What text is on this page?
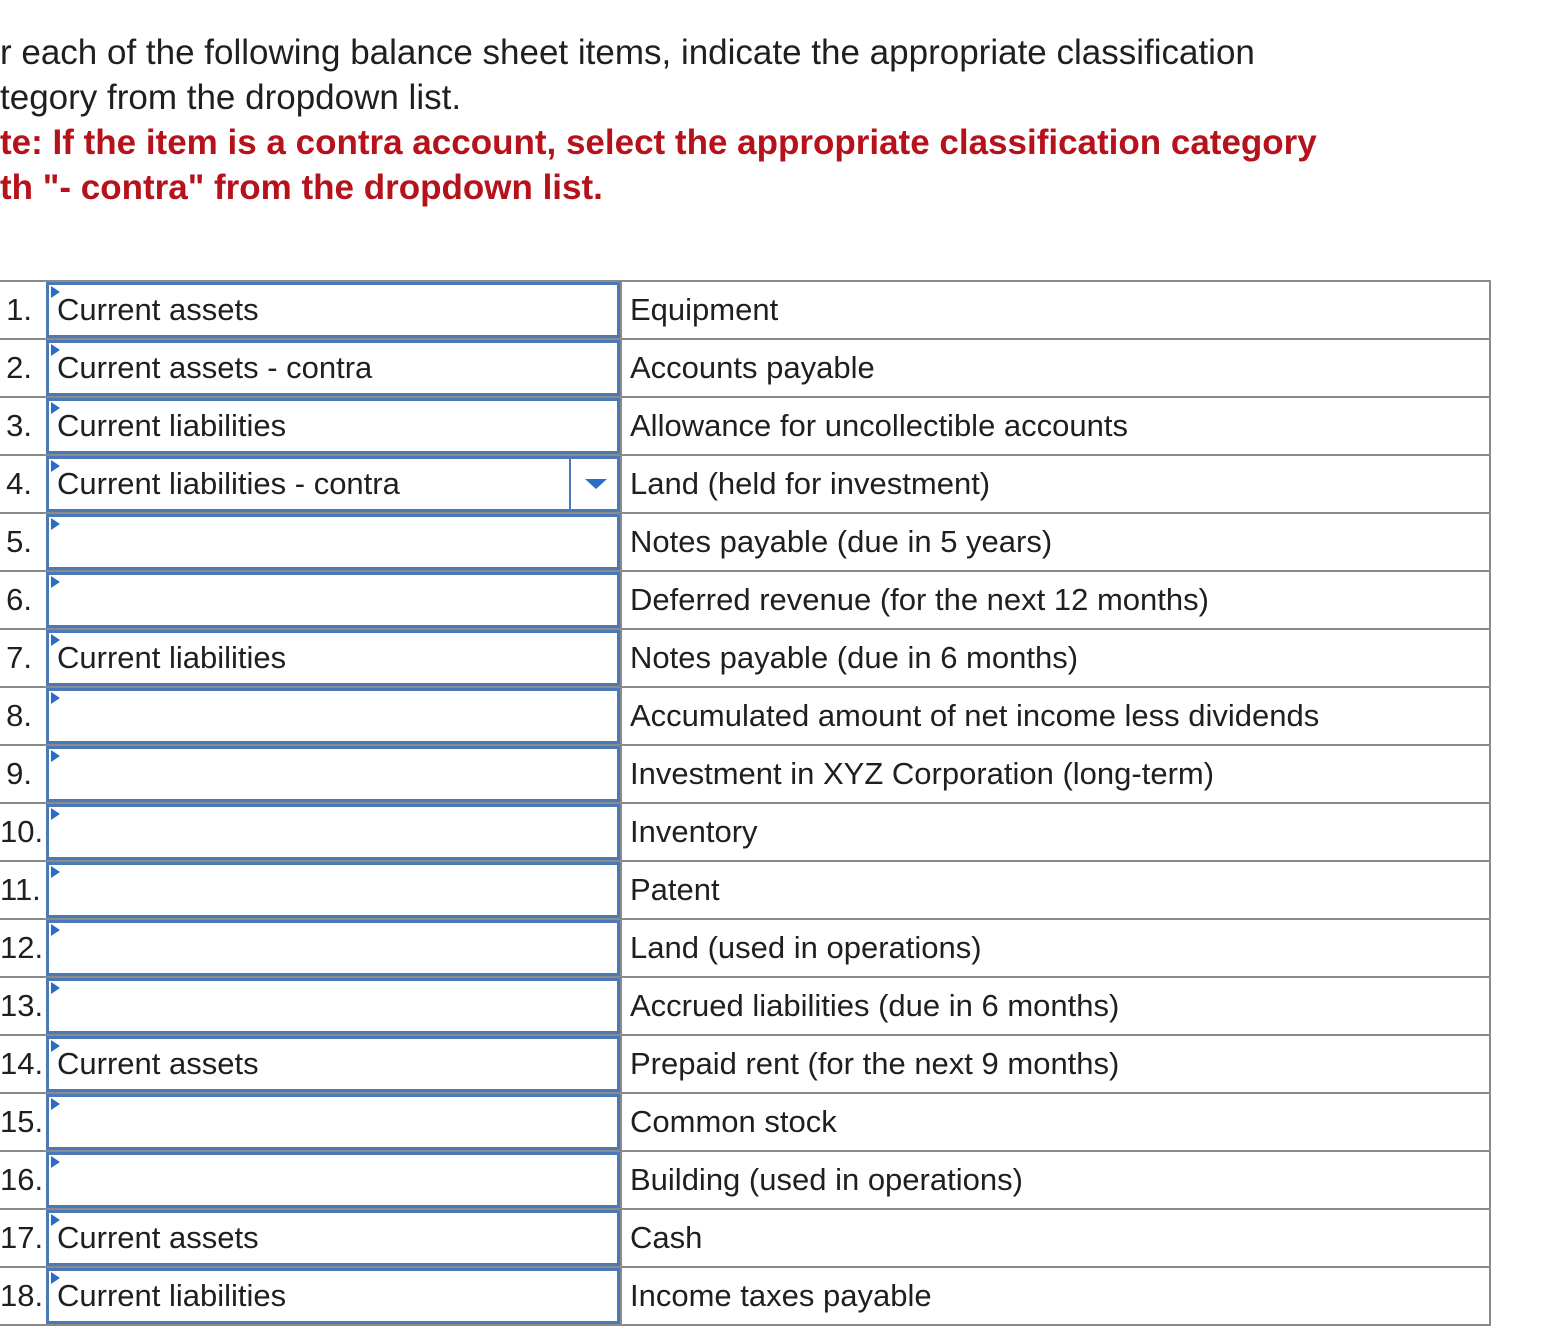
r each of the following balance sheet items, indicate the appropriate classification
tegory from the dropdown list.
te: If the item is a contra account, select the appropriate classification category
th "- contra" from the dropdown list.
1. Current assets	Equipment
2. Current assets - contra	Accounts payable
3. Current liabilities	Allowance for uncollectible accounts
4. Current liabilities - contra	Land (held for investment)
5.	Notes payable (due in 5 years)
6.	Deferred revenue (for the next 12 months)
7. Current liabilities	Notes payable (due in 6 months)
8.	Accumulated amount of net income less dividends
9.	Investment in XYZ Corporation (long-term)
10.	Inventory
11.	Patent
12.	Land (used in operations)
13.	Accrued liabilities (due in 6 months)
14. Current assets	Prepaid rent (for the next 9 months)
15.	Common stock
16.	Building (used in operations)
17. Current assets	Cash
18. Current liabilities	Income taxes payable
